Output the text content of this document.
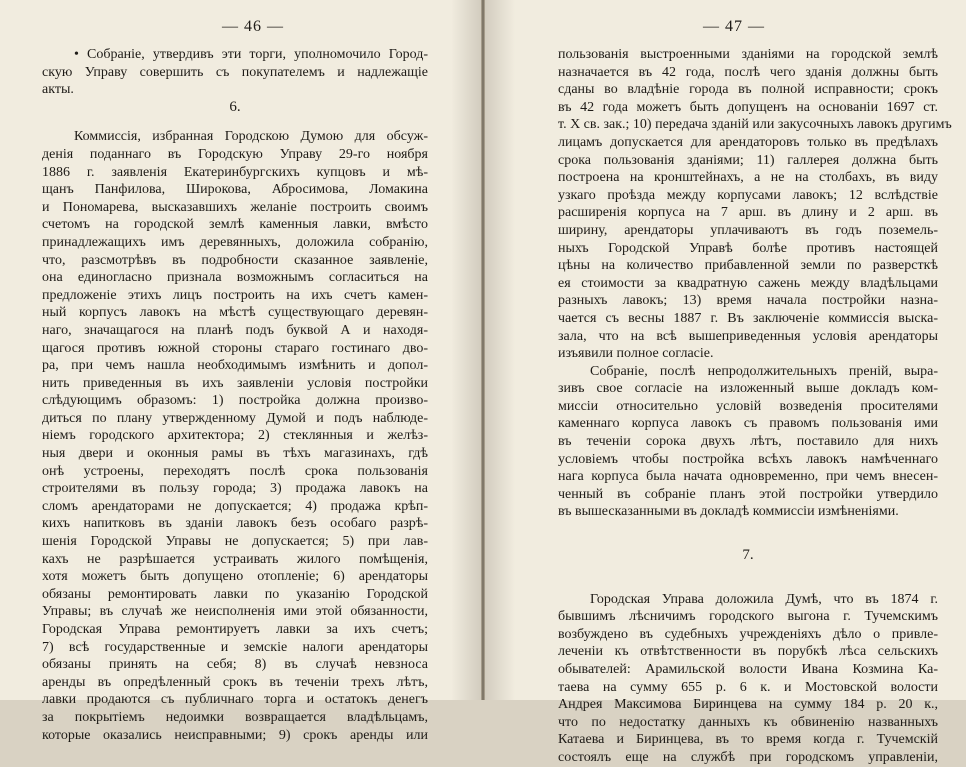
— 46 —
• Собраніе, утвердивъ эти торги, уполномочило Город-
скую Управу совершить съ покупателемъ и надлежащіе
акты.
6.
Коммиссія, избранная Городскою Думою для обсуж-
денія поданнаго въ Городскую Управу 29-го ноября
1886 г. заявленія Екатеринбургскихъ купцовъ и мѣ-
щанъ Панфилова, Широкова, Абросимова, Ломакина
и Пономарева, высказавшихъ желаніе построить своимъ
счетомъ на городской землѣ каменныя лавки, вмѣсто
принадлежащихъ имъ деревянныхъ, доложила собранію,
что, разсмотрѣвъ въ подробности сказанное заявленіе,
она единогласно признала возможнымъ согласиться на
предложеніе этихъ лицъ построить на ихъ счетъ камен-
ный корпусъ лавокъ на мѣстѣ существующаго деревян-
наго, значащагося на планѣ подъ буквой А и находя-
щагося противъ южной стороны стараго гостинаго дво-
ра, при чемъ нашла необходимымъ измѣнить и допол-
нить приведенныя въ ихъ заявленіи условія постройки
слѣдующимъ образомъ: 1) постройка должна произво-
диться по плану утвержденному Думой и подъ наблюде-
ніемъ городского архитектора; 2) стеклянныя и желѣз-
ныя двери и оконныя рамы въ тѣхъ магазинахъ, гдѣ
онѣ устроены, переходятъ послѣ срока пользованія
строителями въ пользу города; 3) продажа лавокъ на
сломъ арендаторами не допускается; 4) продажа крѣп-
кихъ напитковъ въ зданіи лавокъ безъ особаго разрѣ-
шенія Городской Управы не допускается; 5) при лав-
кахъ не разрѣшается устраивать жилого помѣщенія,
хотя можетъ быть допущено отопленіе; 6) арендаторы
обязаны ремонтировать лавки по указанію Городской
Управы; въ случаѣ же неисполненія ими этой обязанности,
Городская Управа ремонтируетъ лавки за ихъ счетъ;
7) всѣ государственные и земскіе налоги арендаторы
обязаны принять на себя; 8) въ случаѣ невзноса
аренды въ опредѣленный срокъ въ теченіи трехъ лѣтъ,
лавки продаются съ публичнаго торга и остатокъ денегъ
за покрытіемъ недоимки возвращается владѣльцамъ,
которые оказались неисправными; 9) срокъ аренды или
— 47 —
пользованія выстроенными зданіями на городской землѣ
назначается въ 42 года, послѣ чего зданія должны быть
сданы во владѣніе города въ полной исправности; срокъ
въ 42 года можетъ быть допущенъ на основаніи 1697 ст.
т. X св. зак.; 10) передача зданій или закусочныхъ лавокъ другимъ
лицамъ допускается для арендаторовъ только въ предѣлахъ
срока пользованія зданіями; 11) галлерея должна быть
построена на кронштейнахъ, а не на столбахъ, въ виду
узкаго проѣзда между корпусами лавокъ; 12 вслѣдствіе
расширенія корпуса на 7 арш. въ длину и 2 арш. въ
ширину, арендаторы уплачиваютъ въ годъ поземель-
ныхъ Городской Управѣ болѣе противъ настоящей
цѣны на количество прибавленной земли по разверсткѣ
ея стоимости за квадратную сажень между владѣльцами
разныхъ лавокъ; 13) время начала постройки назна-
чается съ весны 1887 г. Въ заключеніе коммиссія выска-
зала, что на всѣ вышеприведенныя условія арендаторы
изъявили полное согласіе.
Собраніе, послѣ непродолжительныхъ преній, выра-
зивъ свое согласіе на изложенный выше докладъ ком-
миссіи относительно условій возведенія просителями
каменнаго корпуса лавокъ съ правомъ пользованія ими
въ теченіи сорока двухъ лѣтъ, поставило для нихъ
условіемъ чтобы постройка всѣхъ лавокъ намѣченнаго
нага корпуса была начата одновременно, при чемъ внесен-
ченный въ собраніе планъ этой постройки утвердило
въ вышесказанными въ докладѣ коммиссіи измѣненіями.
7.
Городская Управа доложила Думѣ, что въ 1874 г.
бывшимъ лѣсничимъ городского выгона г. Тучемскимъ
возбуждено въ судебныхъ учрежденіяхъ дѣло о привле-
леченіи къ отвѣтственности въ порубкѣ лѣса сельскихъ
обывателей: Арамильской волости Ивана Козмина Ка-
таева на сумму 655 р. 6 к. и Мостовской волости
Андрея Максимова Биринцева на сумму 184 р. 20 к.,
что по недостатку данныхъ къ обвиненію названныхъ
Катаева и Биринцева, въ то время когда г. Тучемскій
состоялъ еще на службѣ при городскомъ управленіи,
